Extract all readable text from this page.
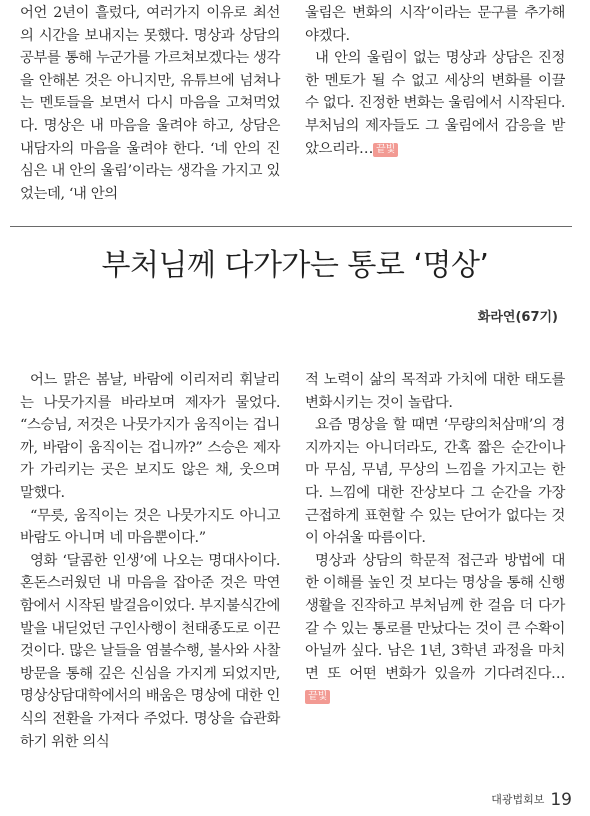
어언 2년이 흘렀다, 여러가지 이유로 최선의 시간을 보내지는 못했다. 명상과 상담의 공부를 통해 누군가를 가르쳐보겠다는 생각을 안해본 것은 아니지만, 유튜브에 넘쳐나는 멘토들을 보면서 다시 마음을 고쳐먹었다. 명상은 내 마음을 울려야 하고, 상담은 내담자의 마음을 울려야 한다. ‘네 안의 진심은 내 안의 울림’이라는 생각을 가지고 있었는데, ‘내 안의

울림은 변화의 시작’이라는 문구를 추가해야겠다.

내 안의 울림이 없는 명상과 상담은 진정한 멘토가 될 수 없고 세상의 변화를 이끌 수 없다. 진정한 변화는 울림에서 시작된다. 부처님의 제자들도 그 울림에서 감응을 받았으리라… 끝빛

부처님께 다가가는 통로 ‘명상’
화라연(67기)

어느 맑은 봄날, 바람에 이리저리 휘날리는 나뭇가지를 바라보며 제자가 물었다. “스승님, 저것은 나뭇가지가 움직이는 겁니까, 바람이 움직이는 겁니까?” 스승은 제자가 가리키는 곳은 보지도 않은 채, 웃으며 말했다.

“무릇, 움직이는 것은 나뭇가지도 아니고 바람도 아니며 네 마음뿐이다.”

영화 ‘달콤한 인생’에 나오는 명대사이다. 혼돈스러웠던 내 마음을 잡아준 것은 막연함에서 시작된 발걸음이었다. 부지불식간에 발을 내딛었던 구인사행이 천태종도로 이끈 것이다. 많은 날들을 염불수행, 불사와 사찰방문을 통해 깊은 신심을 가지게 되었지만, 명상상담대학에서의 배움은 명상에 대한 인식의 전환을 가져다 주었다. 명상을 습관화하기 위한 의식

적 노력이 삶의 목적과 가치에 대한 태도를 변화시키는 것이 놀랍다.

요즘 명상을 할 때면 ‘무량의처삼매’의 경지까지는 아니더라도, 간혹 짧은 순간이나마 무심, 무념, 무상의 느낌을 가지고는 한다. 느낌에 대한 잔상보다 그 순간을 가장 근접하게 표현할 수 있는 단어가 없다는 것이 아쉬울 따름이다.

명상과 상담의 학문적 접근과 방법에 대한 이해를 높인 것 보다는 명상을 통해 신행생활을 진작하고 부처님께 한 걸음 더 다가갈 수 있는 통로를 만났다는 것이 큰 수확이 아닐까 싶다. 남은 1년, 3학년 과정을 마치면 또 어떤 변화가 있을까 기다려진다…끝빛

대광법회보 19
